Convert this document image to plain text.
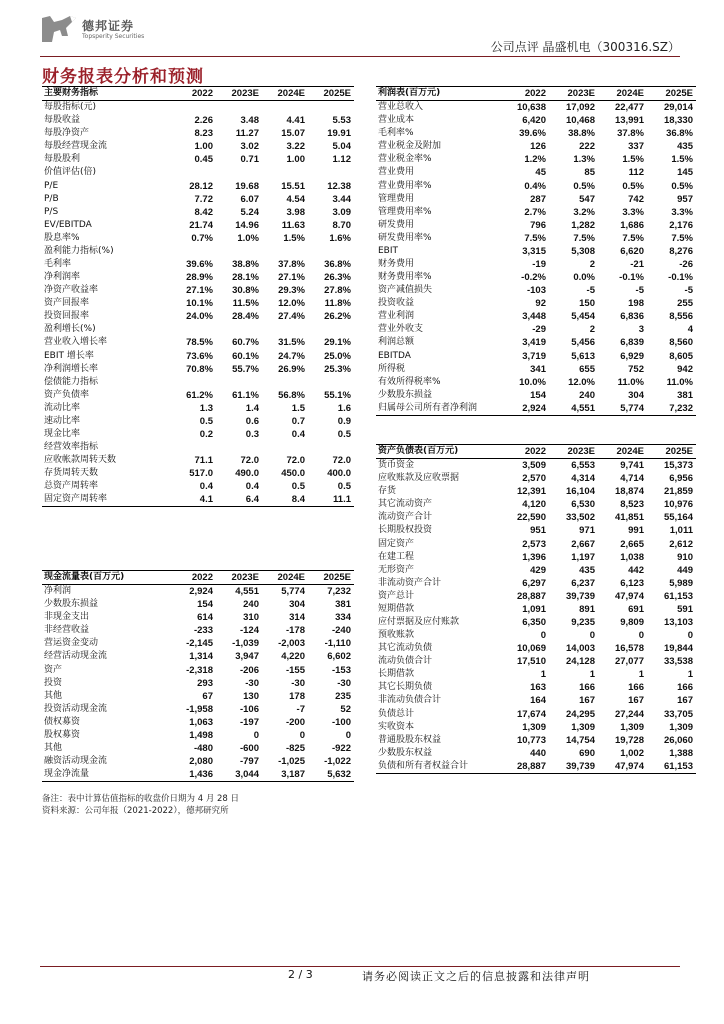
德邦证券
Topsperity Securities
公司点评 晶盛机电（300316.SZ）
财务报表分析和预测
主要财务指标	2022	2023E	2024E	2025E
每股指标(元)				
每股收益	2.26	3.48	4.41	5.53
每股净资产	8.23	11.27	15.07	19.91
每股经营现金流	1.00	3.02	3.22	5.04
每股股利	0.45	0.71	1.00	1.12
价值评估(倍)				
P/E	28.12	19.68	15.51	12.38
P/B	7.72	6.07	4.54	3.44
P/S	8.42	5.24	3.98	3.09
EV/EBITDA	21.74	14.96	11.63	8.70
股息率%	0.7%	1.0%	1.5%	1.6%
盈利能力指标(%)				
毛利率	39.6%	38.8%	37.8%	36.8%
净利润率	28.9%	28.1%	27.1%	26.3%
净资产收益率	27.1%	30.8%	29.3%	27.8%
资产回报率	10.1%	11.5%	12.0%	11.8%
投资回报率	24.0%	28.4%	27.4%	26.2%
盈利增长(%)				
营业收入增长率	78.5%	60.7%	31.5%	29.1%
EBIT 增长率	73.6%	60.1%	24.7%	25.0%
净利润增长率	70.8%	55.7%	26.9%	25.3%
偿债能力指标				
资产负债率	61.2%	61.1%	56.8%	55.1%
流动比率	1.3	1.4	1.5	1.6
速动比率	0.5	0.6	0.7	0.9
现金比率	0.2	0.3	0.4	0.5
经营效率指标				
应收帐款周转天数	71.1	72.0	72.0	72.0
存货周转天数	517.0	490.0	450.0	400.0
总资产周转率	0.4	0.4	0.5	0.5
固定资产周转率	4.1	6.4	8.4	11.1
利润表(百万元)	2022	2023E	2024E	2025E
营业总收入	10,638	17,092	22,477	29,014
营业成本	6,420	10,468	13,991	18,330
毛利率%	39.6%	38.8%	37.8%	36.8%
营业税金及附加	126	222	337	435
营业税金率%	1.2%	1.3%	1.5%	1.5%
营业费用	45	85	112	145
营业费用率%	0.4%	0.5%	0.5%	0.5%
管理费用	287	547	742	957
管理费用率%	2.7%	3.2%	3.3%	3.3%
研发费用	796	1,282	1,686	2,176
研发费用率%	7.5%	7.5%	7.5%	7.5%
EBIT	3,315	5,308	6,620	8,276
财务费用	-19	2	-21	-26
财务费用率%	-0.2%	0.0%	-0.1%	-0.1%
资产减值损失	-103	-5	-5	-5
投资收益	92	150	198	255
营业利润	3,448	5,454	6,836	8,556
营业外收支	-29	2	3	4
利润总额	3,419	5,456	6,839	8,560
EBITDA	3,719	5,613	6,929	8,605
所得税	341	655	752	942
有效所得税率%	10.0%	12.0%	11.0%	11.0%
少数股东损益	154	240	304	381
归属母公司所有者净利润	2,924	4,551	5,774	7,232
资产负债表(百万元)	2022	2023E	2024E	2025E
货币资金	3,509	6,553	9,741	15,373
应收账款及应收票据	2,570	4,314	4,714	6,956
存货	12,391	16,104	18,874	21,859
其它流动资产	4,120	6,530	8,523	10,976
流动资产合计	22,590	33,502	41,851	55,164
长期股权投资	951	971	991	1,011
固定资产	2,573	2,667	2,665	2,612
在建工程	1,396	1,197	1,038	910
无形资产	429	435	442	449
非流动资产合计	6,297	6,237	6,123	5,989
资产总计	28,887	39,739	47,974	61,153
短期借款	1,091	891	691	591
应付票据及应付账款	6,350	9,235	9,809	13,103
预收账款	0	0	0	0
其它流动负债	10,069	14,003	16,578	19,844
流动负债合计	17,510	24,128	27,077	33,538
长期借款	1	1	1	1
其它长期负债	163	166	166	166
非流动负债合计	164	167	167	167
负债总计	17,674	24,295	27,244	33,705
实收资本	1,309	1,309	1,309	1,309
普通股股东权益	10,773	14,754	19,728	26,060
少数股东权益	440	690	1,002	1,388
负债和所有者权益合计	28,887	39,739	47,974	61,153
现金流量表(百万元)	2022	2023E	2024E	2025E
净利润	2,924	4,551	5,774	7,232
少数股东损益	154	240	304	381
非现金支出	614	310	314	334
非经营收益	-233	-124	-178	-240
营运资金变动	-2,145	-1,039	-2,003	-1,110
经营活动现金流	1,314	3,947	4,220	6,602
资产	-2,318	-206	-155	-153
投资	293	-30	-30	-30
其他	67	130	178	235
投资活动现金流	-1,958	-106	-7	52
债权募资	1,063	-197	-200	-100
股权募资	1,498	0	0	0
其他	-480	-600	-825	-922
融资活动现金流	2,080	-797	-1,025	-1,022
现金净流量	1,436	3,044	3,187	5,632
备注：表中计算估值指标的收盘价日期为 4 月 28 日
资料来源：公司年报（2021-2022），德邦研究所
2 / 3	请务必阅读正文之后的信息披露和法律声明
